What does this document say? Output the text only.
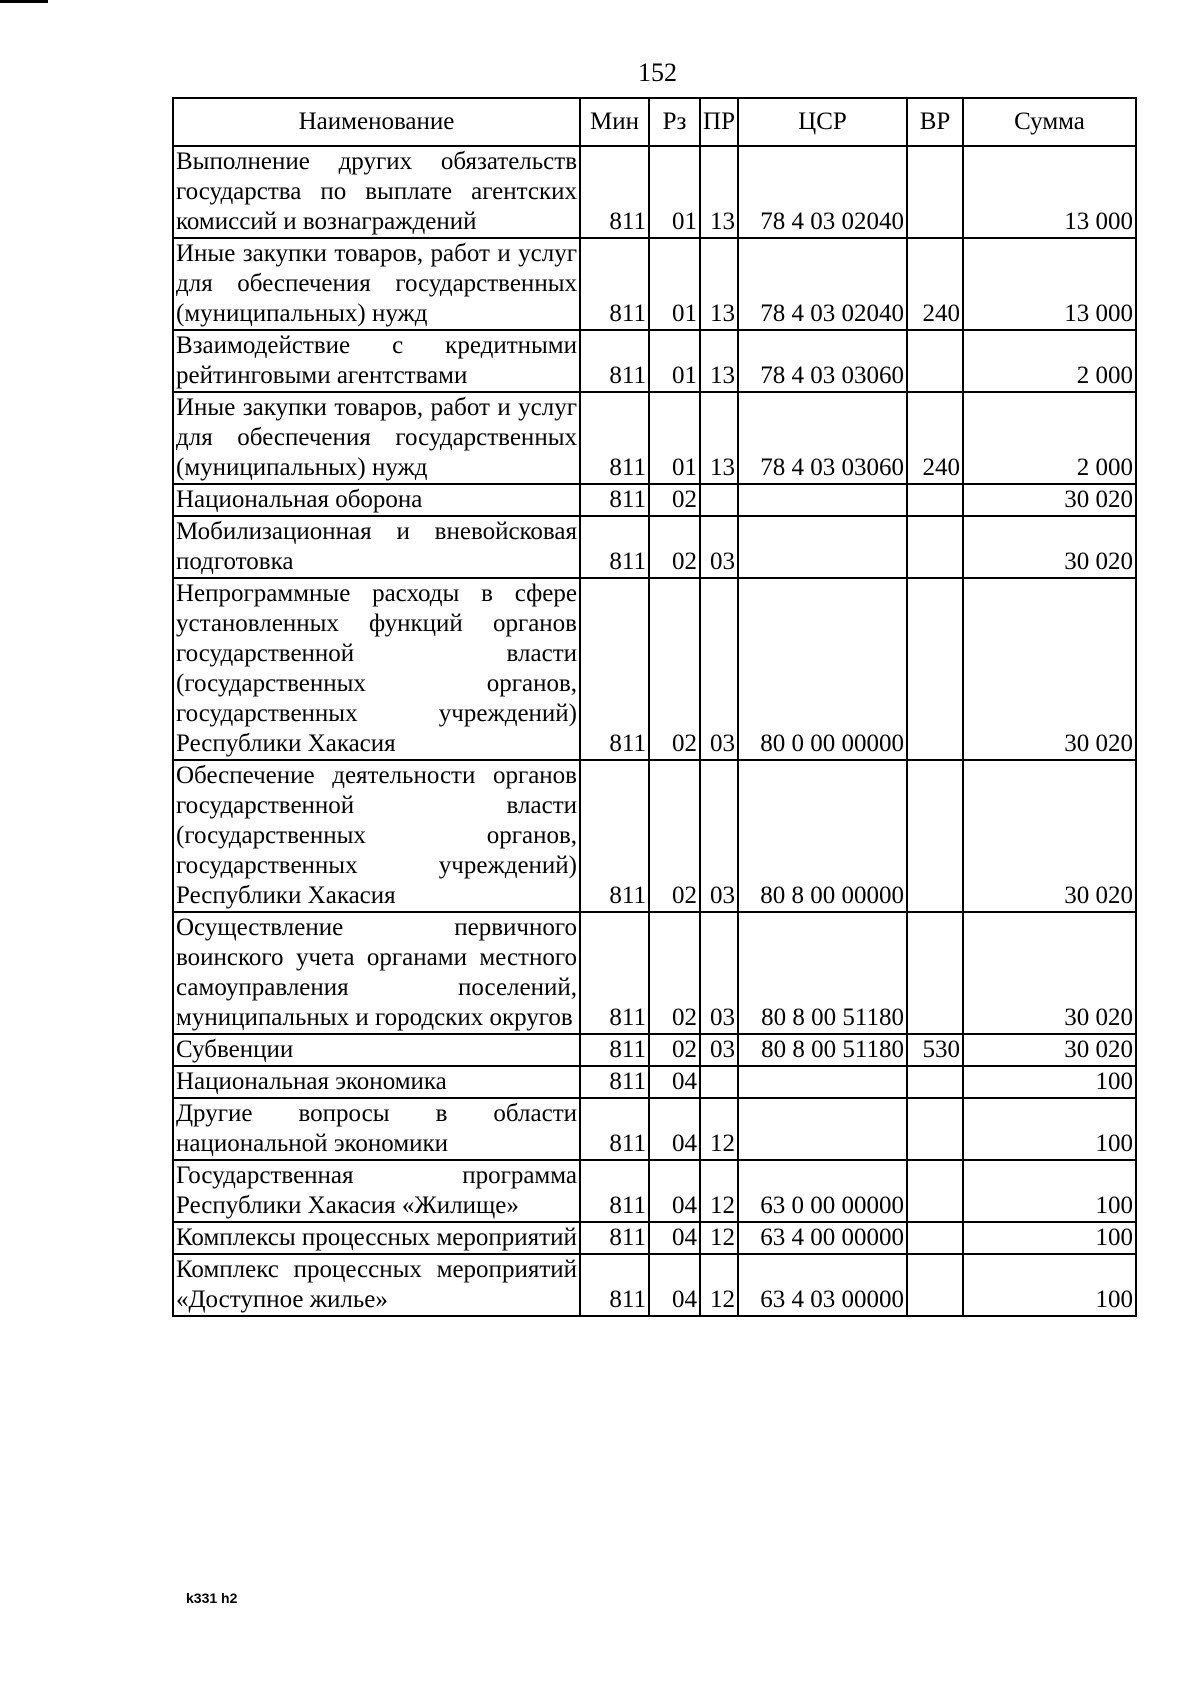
152
Наименование	Мин	Рз	ПР	ЦСР	ВР	Сумма
Выполнение других обязательств государства по выплате агентских комиссий и вознаграждений	811	01	13	78 4 03 02040		13 000
Иные закупки товаров, работ и услуг для обеспечения государственных (муниципальных) нужд	811	01	13	78 4 03 02040	240	13 000
Взаимодействие с кредитными рейтинговыми агентствами	811	01	13	78 4 03 03060		2 000
Иные закупки товаров, работ и услуг для обеспечения государственных (муниципальных) нужд	811	01	13	78 4 03 03060	240	2 000
Национальная оборона	811	02				30 020
Мобилизационная и вневойсковая подготовка	811	02	03			30 020
Непрограммные расходы в сфере установленных функций органов государственной власти (государственных органов, государственных учреждений) Республики Хакасия	811	02	03	80 0 00 00000		30 020
Обеспечение деятельности органов государственной власти (государственных органов, государственных учреждений) Республики Хакасия	811	02	03	80 8 00 00000		30 020
Осуществление первичного воинского учета органами местного самоуправления поселений, муниципальных и городских округов	811	02	03	80 8 00 51180		30 020
Субвенции	811	02	03	80 8 00 51180	530	30 020
Национальная экономика	811	04				100
Другие вопросы в области национальной экономики	811	04	12			100
Государственная программа Республики Хакасия «Жилище»	811	04	12	63 0 00 00000		100
Комплексы процессных мероприятий	811	04	12	63 4 00 00000		100
Комплекс процессных мероприятий «Доступное жилье»	811	04	12	63 4 03 00000		100
k331 h2
